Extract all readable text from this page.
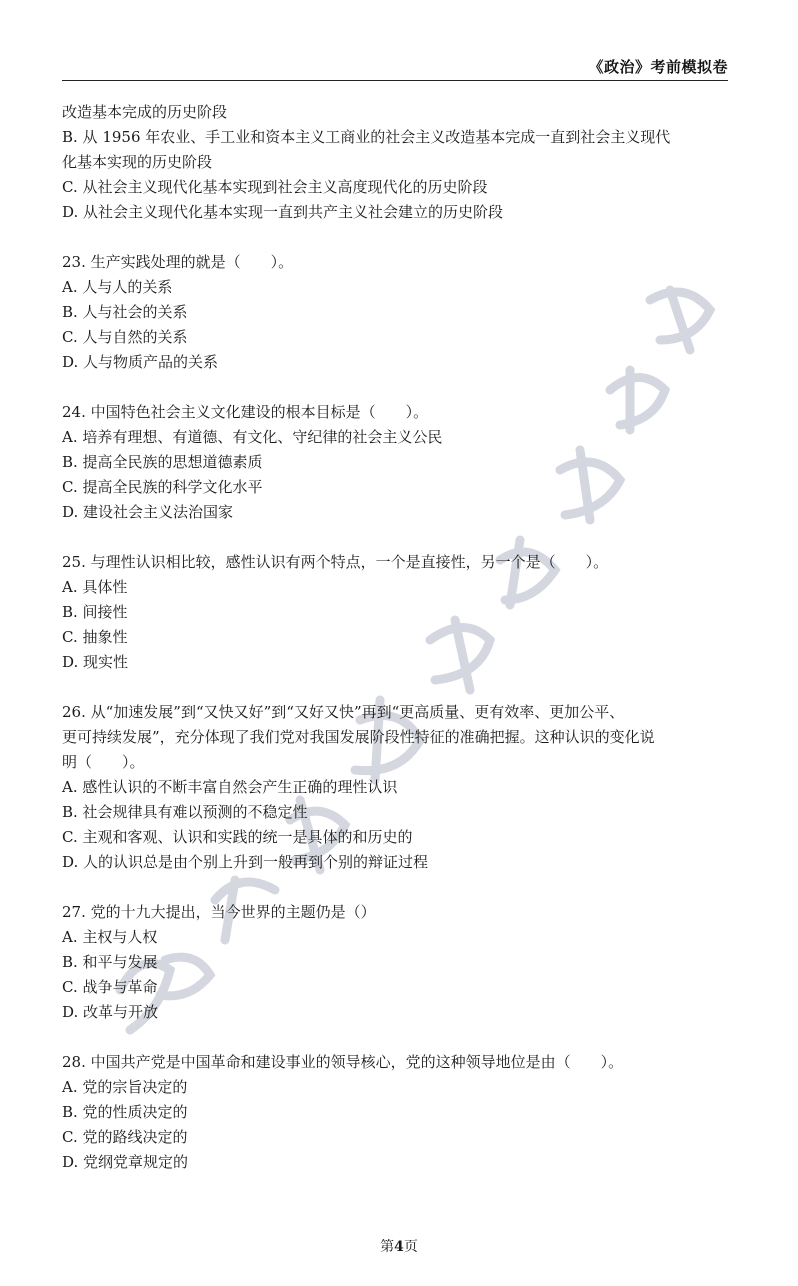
《政治》考前模拟卷
改造基本完成的历史阶段
B. 从 1956 年农业、手工业和资本主义工商业的社会主义改造基本完成一直到社会主义现代
化基本实现的历史阶段
C. 从社会主义现代化基本实现到社会主义高度现代化的历史阶段
D. 从社会主义现代化基本实现一直到共产主义社会建立的历史阶段
23. 生产实践处理的就是（　　）。
A. 人与人的关系
B. 人与社会的关系
C. 人与自然的关系
D. 人与物质产品的关系
24. 中国特色社会主义文化建设的根本目标是（　　）。
A. 培养有理想、有道德、有文化、守纪律的社会主义公民
B. 提高全民族的思想道德素质
C. 提高全民族的科学文化水平
D. 建设社会主义法治国家
25. 与理性认识相比较，感性认识有两个特点，一个是直接性，另一个是（　　）。
A. 具体性
B. 间接性
C. 抽象性
D. 现实性
26. 从“加速发展”到“又快又好”到“又好又快”再到“更高质量、更有效率、更加公平、
更可持续发展”，充分体现了我们党对我国发展阶段性特征的准确把握。这种认识的变化说
明（　　）。
A. 感性认识的不断丰富自然会产生正确的理性认识
B. 社会规律具有难以预测的不稳定性
C. 主观和客观、认识和实践的统一是具体的和历史的
D. 人的认识总是由个别上升到一般再到个别的辩证过程
27. 党的十九大提出，当今世界的主题仍是（）
A. 主权与人权
B. 和平与发展
C. 战争与革命
D. 改革与开放
28. 中国共产党是中国革命和建设事业的领导核心，党的这种领导地位是由（　　）。
A. 党的宗旨决定的
B. 党的性质决定的
C. 党的路线决定的
D. 党纲党章规定的
第4页
